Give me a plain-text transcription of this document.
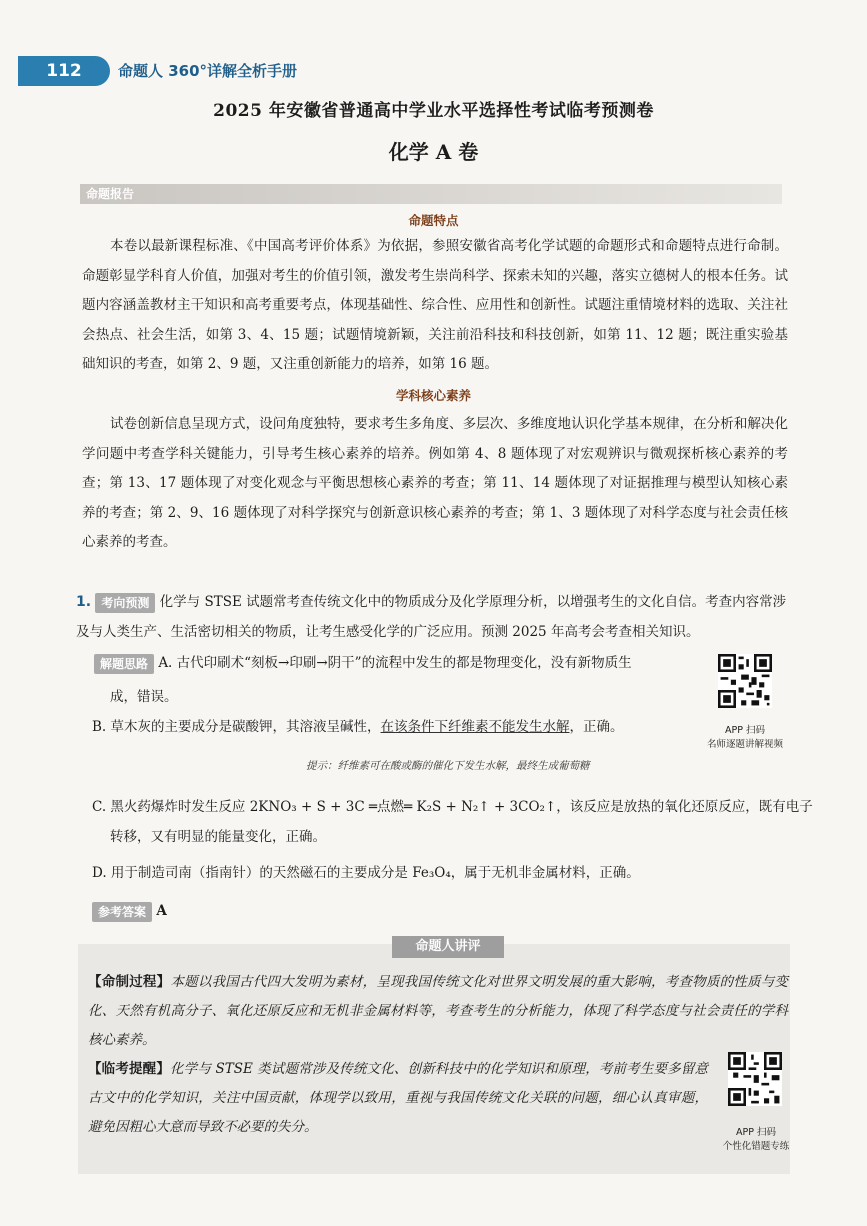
112	命题人 360°详解全析手册
2025 年安徽省普通高中学业水平选择性考试临考预测卷
化学 A 卷
命题报告
命题特点

本卷以最新课程标准、《中国高考评价体系》为依据，参照安徽省高考化学试题的命题形式和命题特点进行命制。命题彰显学科育人价值，加强对考生的价值引领，激发考生崇尚科学、探索未知的兴趣，落实立德树人的根本任务。试题内容涵盖教材主干知识和高考重要考点，体现基础性、综合性、应用性和创新性。试题注重情境材料的选取、关注社会热点、社会生活，如第 3、4、15 题；试题情境新颖，关注前沿科技和科技创新，如第 11、12 题；既注重实验基础知识的考查，如第 2、9 题，又注重创新能力的培养，如第 16 题。

学科核心素养

试卷创新信息呈现方式，设问角度独特，要求考生多角度、多层次、多维度地认识化学基本规律，在分析和解决化学问题中考查学科关键能力，引导考生核心素养的培养。例如第 4、8 题体现了对宏观辨识与微观探析核心素养的考查；第 13、17 题体现了对变化观念与平衡思想核心素养的考查；第 11、14 题体现了对证据推理与模型认知核心素养的考查；第 2、9、16 题体现了对科学探究与创新意识核心素养的考查；第 1、3 题体现了对科学态度与社会责任核心素养的考查。

1. 考向预测 化学与 STSE 试题常考查传统文化中的物质成分及化学原理分析，以增强考生的文化自信。考查内容常涉及与人类生产、生活密切相关的物质，让考生感受化学的广泛应用。预测 2025 年高考会考查相关知识。
解题思路 A. 古代印刷术“刻板→印刷→阴干”的流程中发生的都是物理变化，没有新物质生
成，错误。
B. 草木灰的主要成分是碳酸钾，其溶液呈碱性，在该条件下纤维素不能发生水解，正确。
提示：纤维素可在酸或酶的催化下发生水解，最终生成葡萄糖
APP 扫码
名师逐题讲解视频
C. 黑火药爆炸时发生反应 2KNO₃ + S + 3C ═点燃═ K₂S + N₂↑ + 3CO₂↑，该反应是放热的氧化还原反应，既有电子
转移，又有明显的能量变化，正确。
D. 用于制造司南（指南针）的天然磁石的主要成分是 Fe₃O₄，属于无机非金属材料，正确。
参考答案 A
命题人讲评

【命制过程】本题以我国古代四大发明为素材，呈现我国传统文化对世界文明发展的重大影响，考查物质的性质与变化、天然有机高分子、氧化还原反应和无机非金属材料等，考查考生的分析能力，体现了科学态度与社会责任的学科核心素养。

【临考提醒】化学与 STSE 类试题常涉及传统文化、创新科技中的化学知识和原理，考前考生要多留意古文中的化学知识，关注中国贡献，体现学以致用，重视与我国传统文化关联的问题，细心认真审题，避免因粗心大意而导致不必要的失分。	APP 扫码
个性化错题专练
